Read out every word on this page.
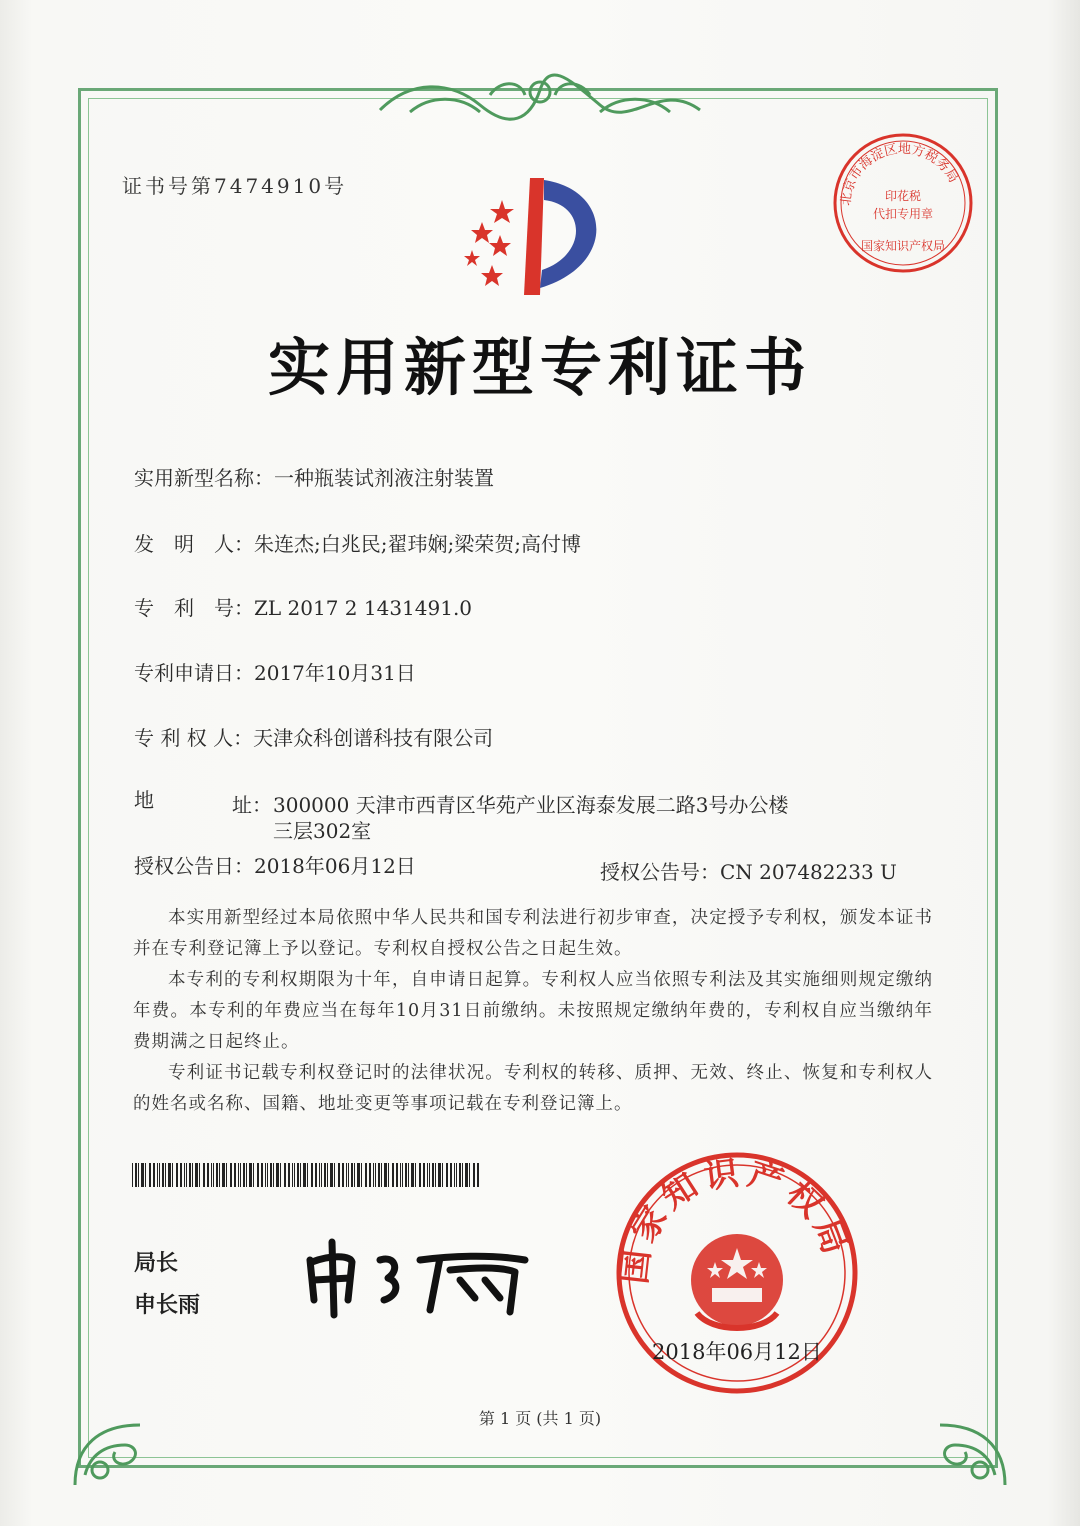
证书号第7474910号
北京市海淀区地方税务局
印花税
代扣专用章
国家知识产权局
实用新型专利证书
实用新型名称：一种瓶装试剂液注射装置
发　明　人：朱连杰;白兆民;翟玮娴;梁荣贺;高付博
专　利　号：ZL 2017 2 1431491.0
专利申请日：2017年10月31日
专 利 权 人：天津众科创谱科技有限公司
地	址： 300000 天津市西青区华苑产业区海泰发展二路3号办公楼
三层302室
授权公告日：2018年06月12日	授权公告号：CN 207482233 U

本实用新型经过本局依照中华人民共和国专利法进行初步审查，决定授予专利权，颁发本证书并在专利登记簿上予以登记。专利权自授权公告之日起生效。

本专利的专利权期限为十年，自申请日起算。专利权人应当依照专利法及其实施细则规定缴纳年费。本专利的年费应当在每年10月31日前缴纳。未按照规定缴纳年费的，专利权自应当缴纳年费期满之日起终止。

专利证书记载专利权登记时的法律状况。专利权的转移、质押、无效、终止、恢复和专利权人的姓名或名称、国籍、地址变更等事项记载在专利登记簿上。

局长
申长雨
国家知识产权局
2018年06月12日
第 1 页 (共 1 页)
